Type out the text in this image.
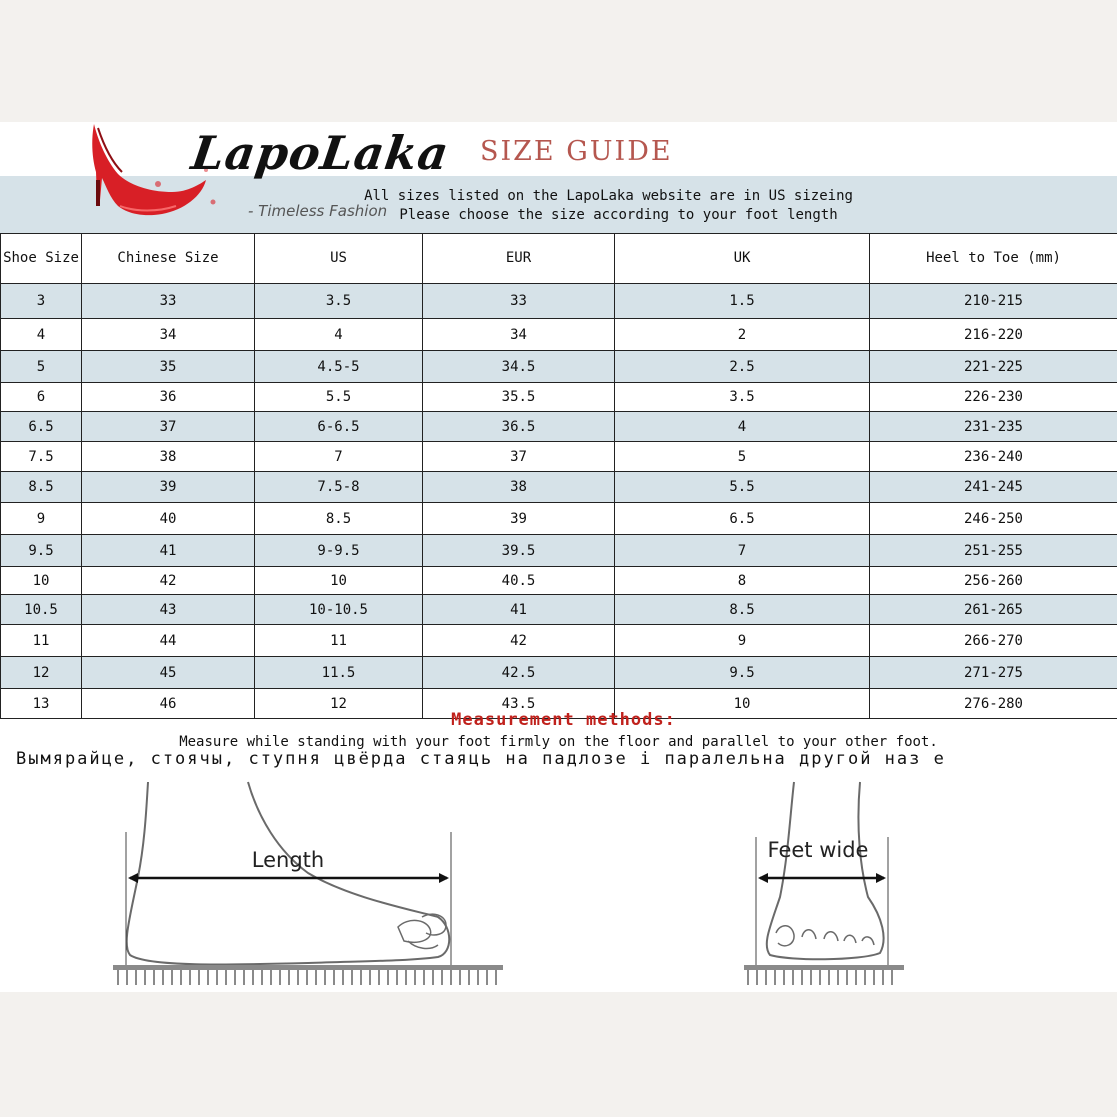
LapoLaka
- Timeless Fashion
SIZE GUIDE
All sizes listed on the LapoLaka website are in US sizeing
Please choose the size according to your foot length
Shoe Size	Chinese Size	US	EUR	UK	Heel to Toe (mm)
3	33	3.5	33	1.5	210-215
4	34	4	34	2	216-220
5	35	4.5-5	34.5	2.5	221-225
6	36	5.5	35.5	3.5	226-230
6.5	37	6-6.5	36.5	4	231-235
7.5	38	7	37	5	236-240
8.5	39	7.5-8	38	5.5	241-245
9	40	8.5	39	6.5	246-250
9.5	41	9-9.5	39.5	7	251-255
10	42	10	40.5	8	256-260
10.5	43	10-10.5	41	8.5	261-265
11	44	11	42	9	266-270
12	45	11.5	42.5	9.5	271-275
13	46	12	43.5	10	276-280
Measurement methods:
Measure while standing with your foot firmly on the floor and parallel to your other foot.
Вымярайце, стоячы, ступня цвёрда стаяць на падлозе і паралельна другой наз е
Length	Feet wide
